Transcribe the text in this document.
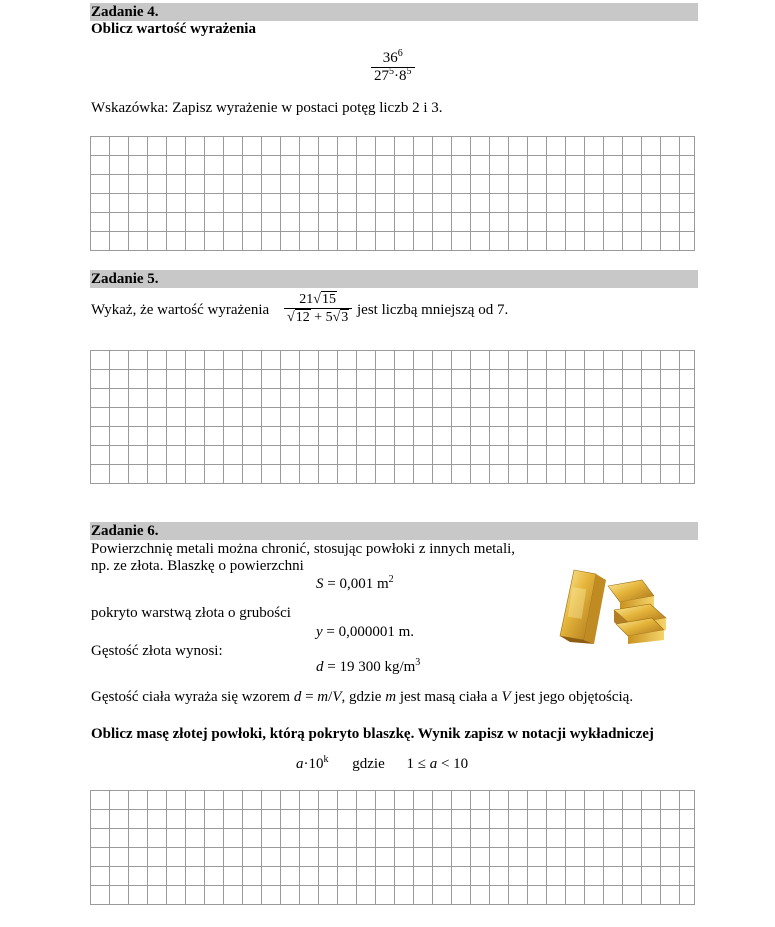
Zadanie 4.
Oblicz wartość wyrażenia
$\frac{36^6}{27^5\cdot 8^5}$
Wskazówka: Zapisz wyrażenie w postaci potęg liczb 2 i 3.
Zadanie 5.
Wykaż, że wartość wyrażenia $\frac{21√15}{√12 + 5√3}$ jest liczbą mniejszą od 7.
Zadanie 6.
Powierzchnię metali można chronić, stosując powłoki z innych metali,
np. ze złota. Blaszkę o powierzchni
S = 0,001 $m^2$
pokryto warstwą złota o grubości
y = 0,000001 m.
Gęstość złota wynosi:
d = 19 300 $kg/m^3$
Gęstość ciała wyraża się wzorem d = m/V, gdzie m jest masą ciała a V jest jego objętością.
Oblicz masę złotej powłoki, którą pokryto blaszkę. Wynik zapisz w notacji wykładniczej
$a\cdot 10^k$ gdzie 1 ≤ a < 10
